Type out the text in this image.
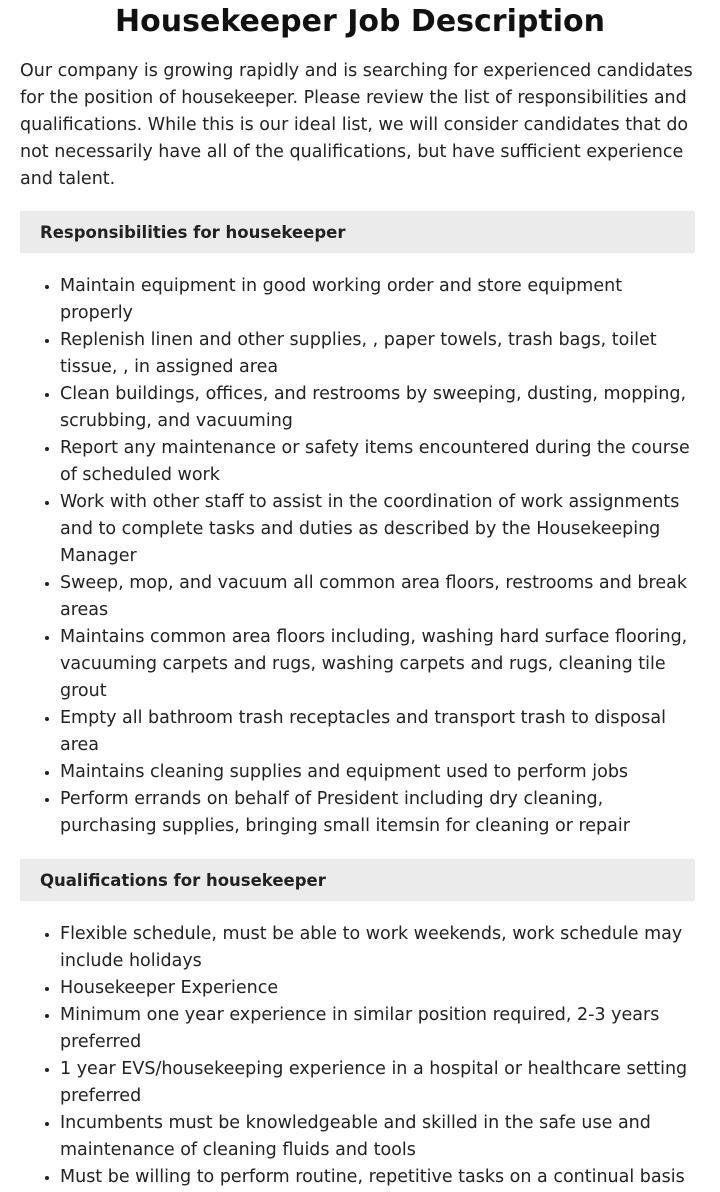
Housekeeper Job Description

Our company is growing rapidly and is searching for experienced candidates for the position of housekeeper. Please review the list of responsibilities and qualifications. While this is our ideal list, we will consider candidates that do not necessarily have all of the qualifications, but have sufficient experience and talent.

Responsibilities for housekeeper
• Maintain equipment in good working order and store equipment properly
• Replenish linen and other supplies, , paper towels, trash bags, toilet tissue, , in assigned area
• Clean buildings, offices, and restrooms by sweeping, dusting, mopping, scrubbing, and vacuuming
• Report any maintenance or safety items encountered during the course of scheduled work
• Work with other staff to assist in the coordination of work assignments and to complete tasks and duties as described by the Housekeeping Manager
• Sweep, mop, and vacuum all common area floors, restrooms and break areas
• Maintains common area floors including, washing hard surface flooring, vacuuming carpets and rugs, washing carpets and rugs, cleaning tile grout
• Empty all bathroom trash receptacles and transport trash to disposal area
• Maintains cleaning supplies and equipment used to perform jobs
• Perform errands on behalf of President including dry cleaning, purchasing supplies, bringing small itemsin for cleaning or repair
Qualifications for housekeeper
• Flexible schedule, must be able to work weekends, work schedule may include holidays
• Housekeeper Experience
• Minimum one year experience in similar position required, 2-3 years preferred
• 1 year EVS/housekeeping experience in a hospital or healthcare setting preferred
• Incumbents must be knowledgeable and skilled in the safe use and maintenance of cleaning fluids and tools
• Must be willing to perform routine, repetitive tasks on a continual basis
